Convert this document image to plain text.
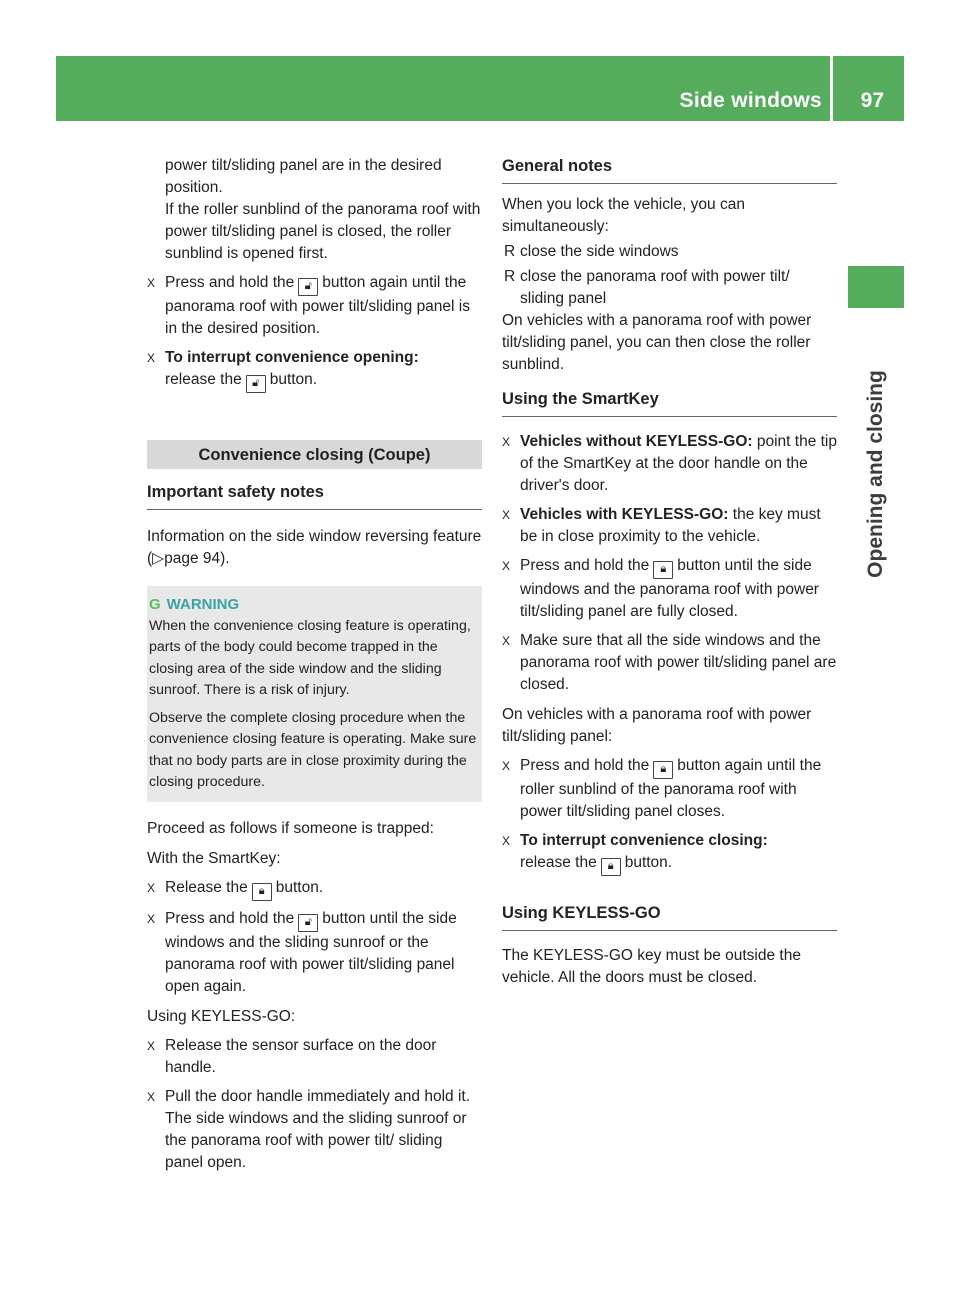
Side windows 97
Opening and closing

power tilt/sliding panel are in the desired position.

If the roller sunblind of the panorama roof with power tilt/sliding panel is closed, the roller sunblind is opened first.

X Press and hold the 🔓︎ button again until the panorama roof with power tilt/sliding panel is in the desired position.
X To interrupt convenience opening:
release the 🔓︎ button.
Convenience closing (Coupe)
Important safety notes

Information on the side window reversing feature (▷page 94).

G WARNING

When the convenience closing feature is operating, parts of the body could become trapped in the closing area of the side window and the sliding sunroof. There is a risk of injury.

Observe the complete closing procedure when the convenience closing feature is operating. Make sure that no body parts are in close proximity during the closing procedure.

Proceed as follows if someone is trapped:

With the SmartKey:

X Release the 🔒︎ button.
X Press and hold the 🔓︎ button until the side windows and the sliding sunroof or the panorama roof with power tilt/sliding panel open again.

Using KEYLESS-GO:

X Release the sensor surface on the door handle.
X Pull the door handle immediately and hold it.
The side windows and the sliding sunroof or the panorama roof with power tilt/ sliding panel open.
General notes

When you lock the vehicle, you can simultaneously:

R close the side windows
R close the panorama roof with power tilt/ sliding panel

On vehicles with a panorama roof with power tilt/sliding panel, you can then close the roller sunblind.

Using the SmartKey
X Vehicles without KEYLESS-GO: point the tip of the SmartKey at the door handle on the driver's door.
X Vehicles with KEYLESS-GO: the key must be in close proximity to the vehicle.
X Press and hold the 🔒︎ button until the side windows and the panorama roof with power tilt/sliding panel are fully closed.
X Make sure that all the side windows and the panorama roof with power tilt/sliding panel are closed.

On vehicles with a panorama roof with power tilt/sliding panel:

X Press and hold the 🔒︎ button again until the roller sunblind of the panorama roof with power tilt/sliding panel closes.
X To interrupt convenience closing:
release the 🔒︎ button.
Using KEYLESS-GO

The KEYLESS-GO key must be outside the vehicle. All the doors must be closed.
